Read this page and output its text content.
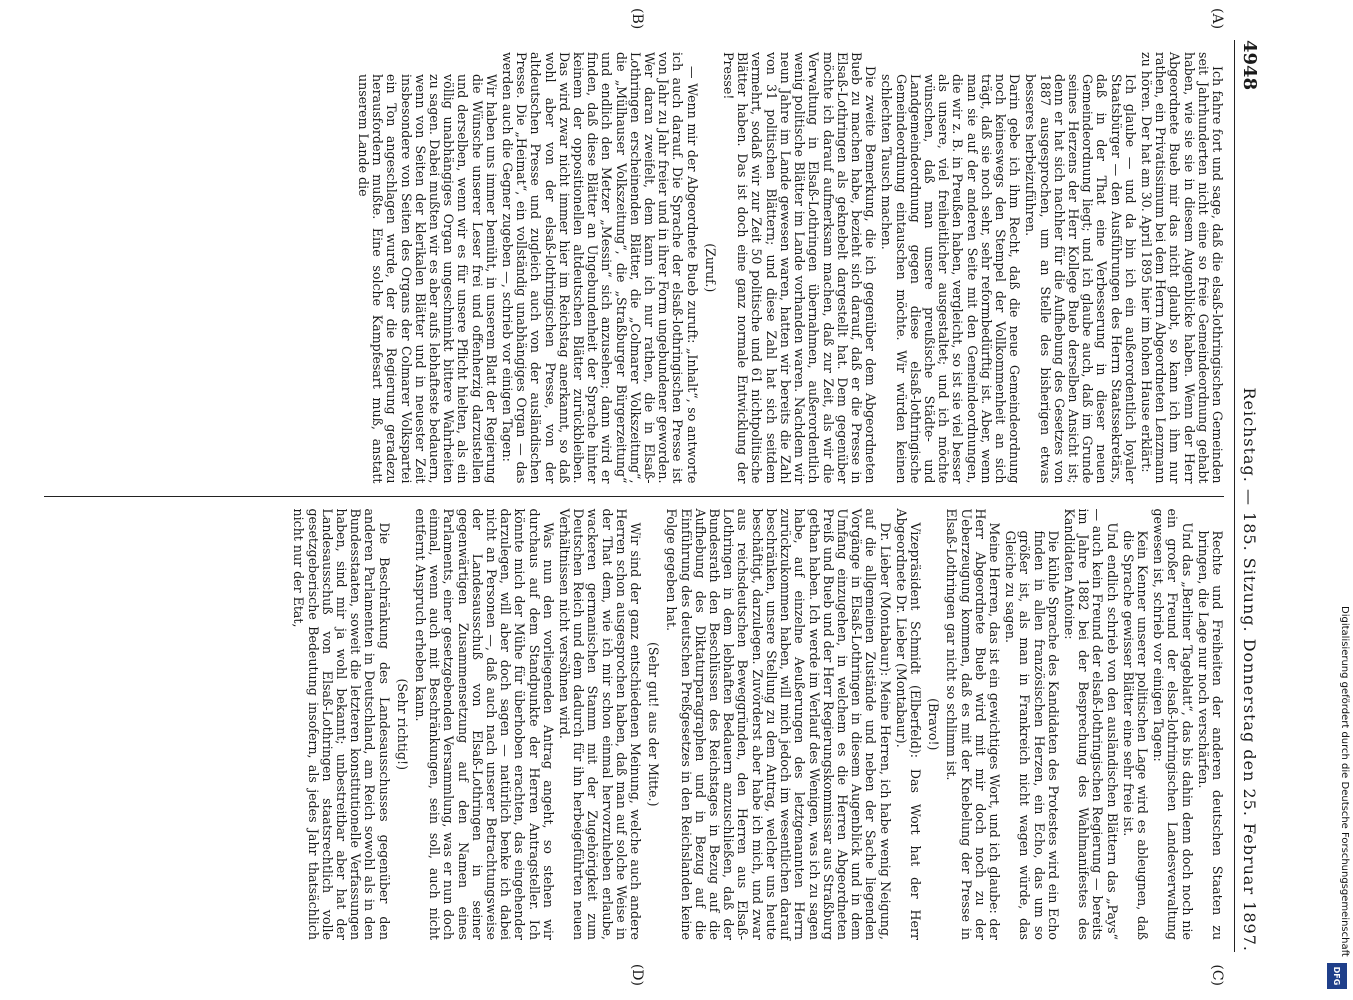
4948
Reichstag. — 185. Sitzung. Donnerstag den 25. Februar 1897.
(A)
(B)

Ich fahre fort und sage, daß die elsaß-lothringischen Gemeinden seit Jahrhunderten nicht eine so freie Gemeindeordnung gehabt haben, wie sie sie in diesem Augenblicke haben. Wenn der Herr Abgeordnete Bueb mir das nicht glaubt, so kann ich ihm nur rathen, ein Privatissimum bei dem Herrn Abgeordneten Lenzmann zu hören. Der hat am 30. April 1895 hier im hohen Hause erklärt:

Ich glaube — und da bin ich ein außerordentlich loyaler Staatsbürger — den Ausführungen des Herrn Staatssekretärs, daß in der That eine Verbesserung in dieser neuen Gemeindeordnung liegt; und ich glaube auch, daß im Grunde seines Herzens der Herr Kollege Bueb derselben Ansicht ist; denn er hat sich nachher für die Aufhebung des Gesetzes von 1887 ausgesprochen, um an Stelle des bisherigen etwas besseres herbeizuführen.

Darin gebe ich ihm Recht, daß die neue Gemeindeordnung noch keineswegs den Stempel der Vollkommenheit an sich trägt, daß sie noch sehr, sehr reformbedürftig ist. Aber, wenn man sie auf der anderen Seite mit den Gemeindeordnungen, die wir z. B. in Preußen haben, vergleicht, so ist sie viel besser als unsere, viel freiheitlicher ausgestaltet; und ich möchte wünschen, daß man unsere preußische Städte- und Landgemeindeordnung gegen diese elsaß-lothringische Gemeindeordnung eintauschen möchte. Wir würden keinen schlechten Tausch machen.

Die zweite Bemerkung, die ich gegenüber dem Abgeordneten Bueb zu machen habe, bezieht sich darauf, daß er die Presse in Elsaß-Lothringen als geknebelt dargestellt hat. Dem gegenüber möchte ich darauf aufmerksam machen, daß zur Zeit, als wir die Verwaltung in Elsaß-Lothringen übernahmen, außerordentlich wenig politische Blätter im Lande vorhanden waren. Nachdem wir neun Jahre im Lande gewesen waren, hatten wir bereits die Zahl von 31 politischen Blättern; und diese Zahl hat sich seitdem vermehrt, sodaß wir zur Zeit 50 politische und 61 nichtpolitische Blätter haben. Das ist doch eine ganz normale Entwicklung der Presse!

(Zuruf.)

— Wenn mir der Abgeordnete Bueb zuruft: „Inhalt“, so antworte ich auch darauf. Die Sprache der elsaß-lothringischen Presse ist von Jahr zu Jahr freier und in ihrer Form ungebundener geworden. Wer daran zweifelt, dem kann ich nur rathen, die in Elsaß-Lothringen erscheinenden Blätter, die „Colmarer Volkszeitung“, die „Mülhauser Volkszeitung“, die „Straßburger Bürgerzeitung“ und endlich den Metzer „Messin“ sich anzusehen; dann wird er finden, daß diese Blätter an Ungebundenheit der Sprache hinter keinem der oppositionellen altdeutschen Blätter zurückbleiben. Das wird zwar nicht immer hier im Reichstag anerkannt, so daß wohl aber von der elsaß-lothringischen Presse, von der altdeutschen Presse und zugleich auch von der ausländischen Presse. Die „Heimat“, ein vollständig unabhängiges Organ — das werden auch die Gegner zugeben —, schrieb vor einigen Tagen:

Wir haben uns immer bemüht, in unserem Blatt der Regierung die Wünsche unserer Leser frei und offenherzig darzustellen und derselben, wenn wir es für unsere Pflicht hielten, als ein völlig unabhängiges Organ ungeschminkt bittere Wahrheiten zu sagen. Dabei mußten wir es aber aufs lebhafteste bedauern, wenn von Seiten der klerikalen Blätter und in neuester Zeit insbesondere von Seiten des Organs der Colmarer Volkspartei ein Ton angeschlagen wurde, der die Regierung geradezu herausfordern mußte. Eine solche Kampfesart muß, anstatt unserem Lande die

(C)
(D)

Rechte und Freiheiten der anderen deutschen Staaten zu bringen, die Lage nur noch verschärfen.

Und das „Berliner Tageblatt“, das bis dahin denn doch noch nie ein großer Freund der elsaß-lothringischen Landesverwaltung gewesen ist, schrieb vor einigen Tagen:

Kein Kenner unserer politischen Lage wird es ableugnen, daß die Sprache gewisser Blätter eine sehr freie ist.

Und endlich schrieb von den ausländischen Blättern das „Pays“ — auch kein Freund der elsaß-lothringischen Regierung — bereits im Jahre 1882 bei der Besprechung des Wahlmanifestes des Kandidaten Antoine:

Die kühle Sprache des Kandidaten des Protestes wird ein Echo finden in allen französischen Herzen, ein Echo, das um so größer ist, als man in Frankreich nicht wagen würde, das Gleiche zu sagen.

Meine Herren, das ist ein gewichtiges Wort, und ich glaube: der Herr Abgeordnete Bueb wird mit mir doch noch zu der Ueberzeugung kommen, daß es mit der Knebelung der Presse in Elsaß-Lothringen gar nicht so schlimm ist.

(Bravo!)

Vizepräsident Schmidt (Elberfeld): Das Wort hat der Herr Abgeordnete Dr. Lieber (Montabaur).

Dr. Lieber (Montabaur): Meine Herren, ich habe wenig Neigung, auf die allgemeinen Zustände und neben der Sache liegenden Vorgänge in Elsaß-Lothringen in diesem Augenblick und in dem Umfang einzugehen, in welchem es die Herren Abgeordneten Preiß und Bueb und der Herr Regierungskommissar aus Straßburg gethan haben. Ich werde im Verlauf des Wenigen, was ich zu sagen habe, auf einzelne Aeußerungen des letztgenannten Herrn zurückzukommen haben, will mich jedoch im wesentlichen darauf beschränken, unsere Stellung zu dem Antrag, welcher uns heute beschäftigt, darzulegen. Zuvörderst aber habe ich mich, und zwar aus reichsdeutschen Beweggründen, den Herren aus Elsaß-Lothringen in dem lebhaften Bedauern anzuschließen, daß der Bundesrath den Beschlüssen des Reichstages in Bezug auf die Aufhebung des Diktaturparagraphen und in Bezug auf die Einführung des deutschen Preßgesetzes in den Reichslanden keine Folge gegeben hat.

(Sehr gut! aus der Mitte.)

Wir sind der ganz entschiedenen Meinung, welche auch andere Herren schon ausgesprochen haben, daß man auf solche Weise in der That dem, wie ich mir schon einmal hervorzuheben erlaube, wackeren germanischen Stamm mit der Zugehörigkeit zum Deutschen Reich und dem dadurch für ihn herbeigeführten neuen Verhältnissen nicht versöhnen wird.

Was nun den vorliegenden Antrag angeht, so stehen wir durchaus auf dem Standpunkte der Herren Antragsteller. Ich könnte mich der Mühe für überhoben erachten, das eingehender darzulegen, will aber doch sagen — natürlich benke ich dabei nicht an Personen —, daß auch nach unserer Betrachtungsweise der Landesausschuß von Elsaß-Lothringen in seiner gegenwärtigen Zusammensetzung auf den Namen eines Parlaments, einer gesetzgebenden Versammlung, was er nun doch einmal, wenn auch mit Beschränkungen, sein soll, auch nicht entfernt Anspruch erheben kann.

(Sehr richtig!)

Die Beschränkung des Landesausschusses gegenüber den anderen Parlamenten in Deutschland, am Reich sowohl als in den Bundesstaaten, soweit die letzteren konstitutionelle Verfassungen haben, sind mir ja wohl bekannt; unbestreitbar aber hat der Landesausschuß von Elsaß-Lothringen staatsrechtlich volle gesetzgeberische Bedeutung insofern, als jedes Jahr thatsächlich nicht nur der Etat,

Digitalisierung gefördert durch die Deutsche Forschungsgemeinschaft
DFG
